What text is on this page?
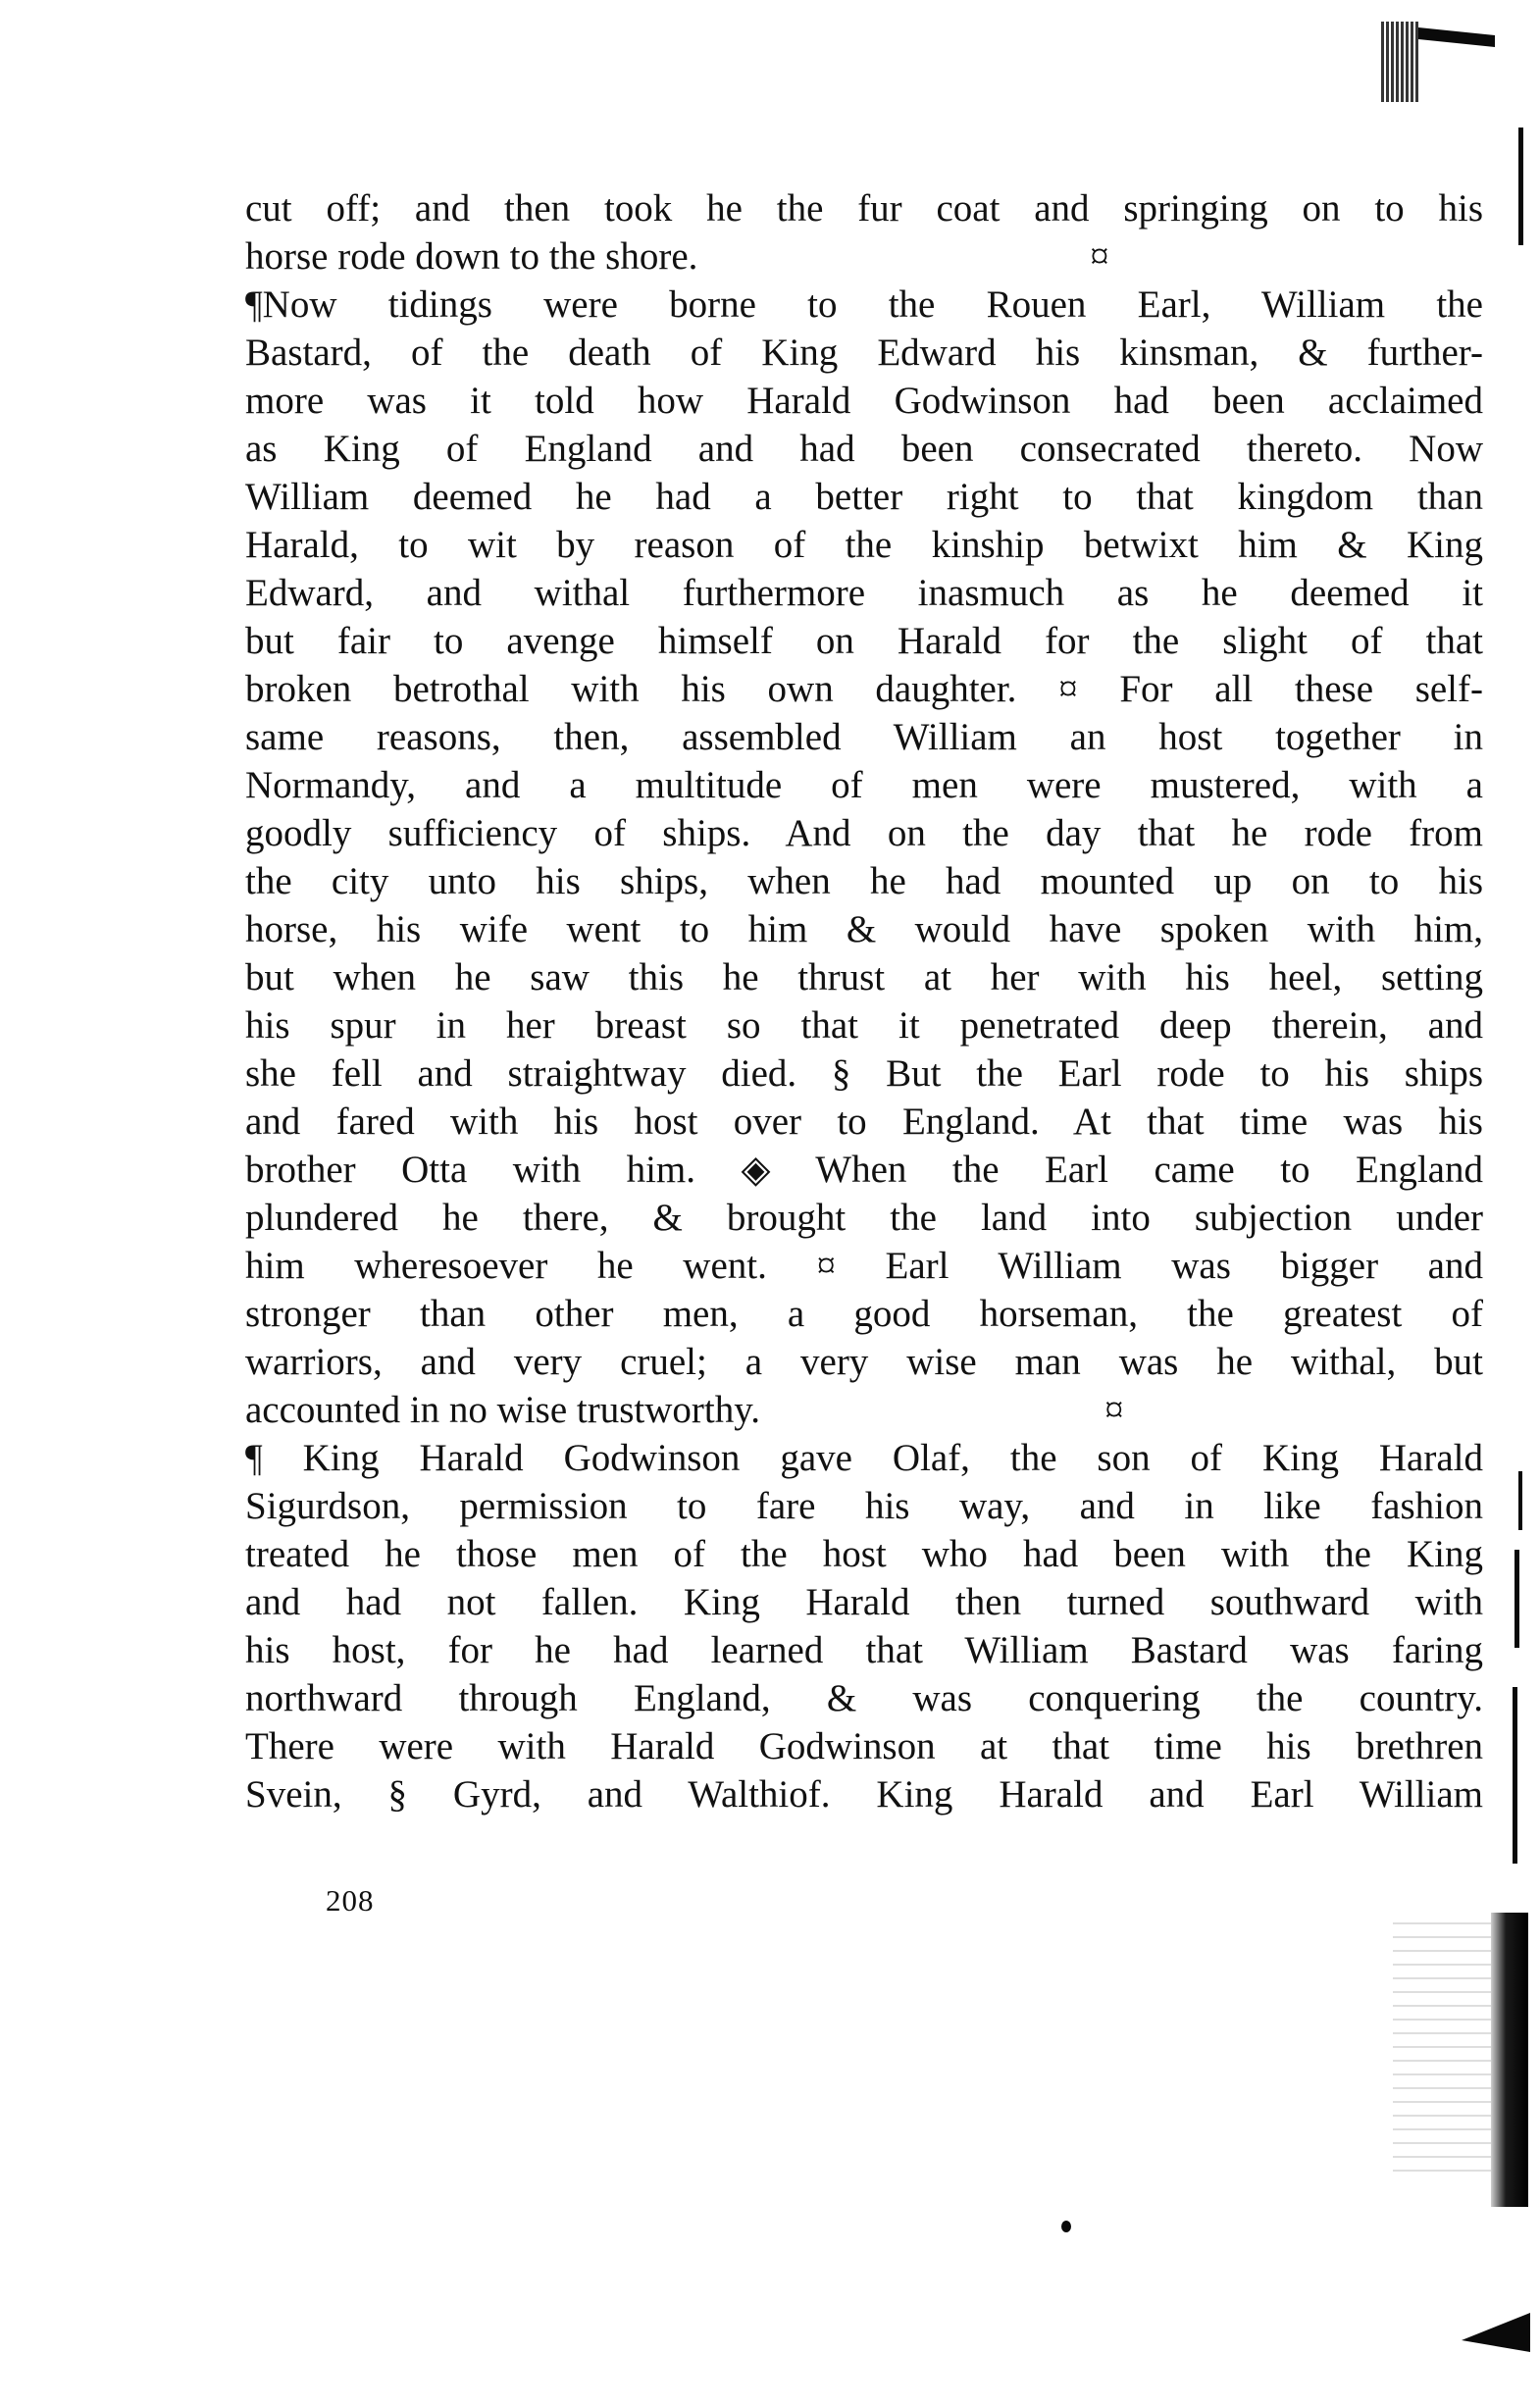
cut off; and then took he the fur coat and springing on to his
horse rode down to the shore.                                         ¤
¶Now tidings were borne to the Rouen Earl, William the
Bastard, of the death of King Edward his kinsman, & further-
more was it told how Harald Godwinson had been acclaimed
as King of England and had been consecrated thereto. Now
William deemed he had a better right to that kingdom than
Harald, to wit by reason of the kinship betwixt him & King
Edward, and withal furthermore inasmuch as he deemed it
but fair to avenge himself on Harald for the slight of that
broken betrothal with his own daughter. ¤ For all these self-
same reasons, then, assembled William an host together in
Normandy, and a multitude of men were mustered, with a
goodly sufficiency of ships. And on the day that he rode from
the city unto his ships, when he had mounted up on to his
horse, his wife went to him & would have spoken with him,
but when he saw this he thrust at her with his heel, setting
his spur in her breast so that it penetrated deep therein, and
she fell and straightway died. § But the Earl rode to his ships
and fared with his host over to England. At that time was his
brother Otta with him. ◈ When the Earl came to England
plundered he there, & brought the land into subjection under
him wheresoever he went. ¤ Earl William was bigger and
stronger than other men, a good horseman, the greatest of
warriors, and very cruel; a very wise man was he withal, but
accounted in no wise trustworthy.                                    ¤
¶ King Harald Godwinson gave Olaf, the son of King Harald
Sigurdson, permission to fare his way, and in like fashion
treated he those men of the host who had been with the King
and had not fallen. King Harald then turned southward with
his host, for he had learned that William Bastard was faring
northward through England, & was conquering the country.
There were with Harald Godwinson at that time his brethren
Svein, § Gyrd, and Walthiof. King Harald and Earl William
208
